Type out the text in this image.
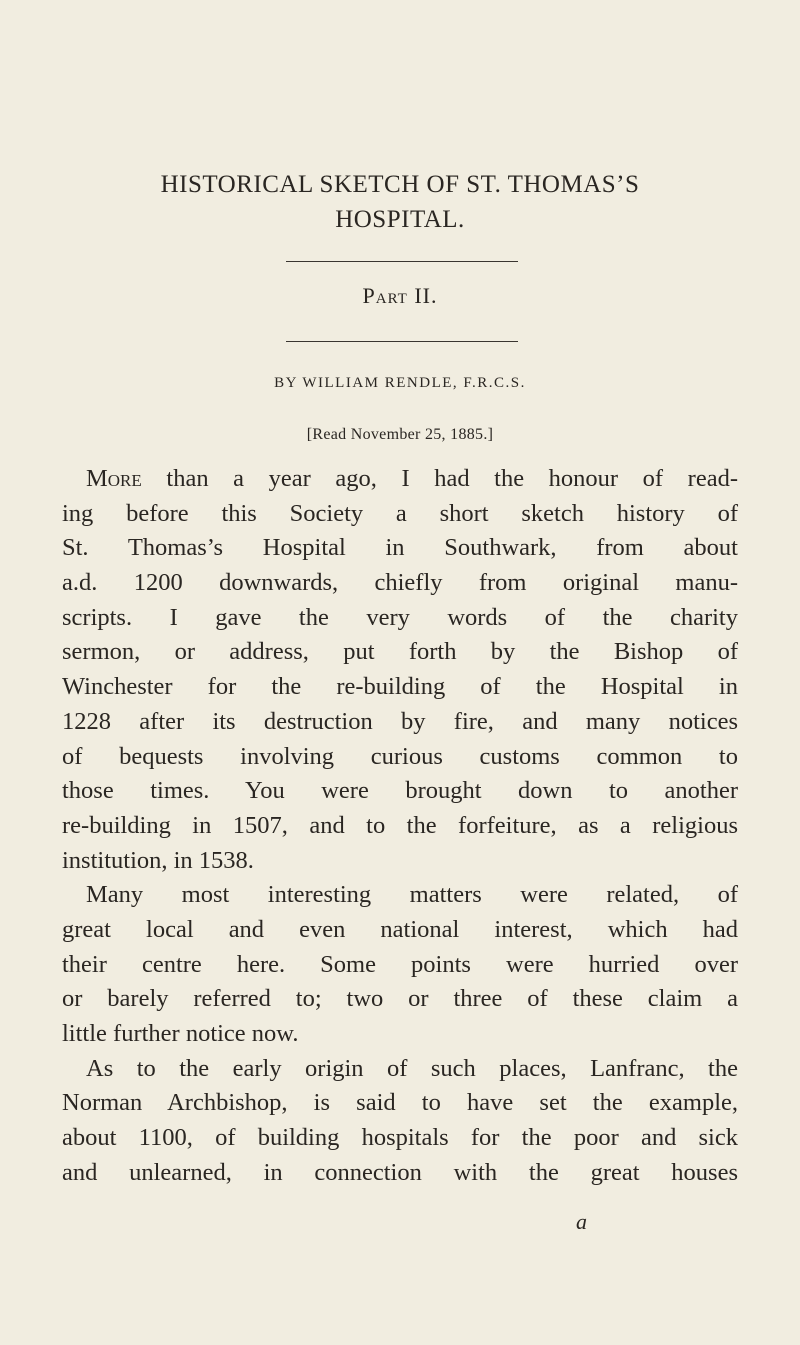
HISTORICAL SKETCH OF ST. THOMAS’S
HOSPITAL.
Part II.
BY WILLIAM RENDLE, F.R.C.S.
[Read November 25, 1885.]
More than a year ago, I had the honour of read-
ing before this Society a short sketch history of
St. Thomas’s Hospital in Southwark, from about
a.d. 1200 downwards, chiefly from original manu-
scripts. I gave the very words of the charity
sermon, or address, put forth by the Bishop of
Winchester for the re-building of the Hospital in
1228 after its destruction by fire, and many notices
of bequests involving curious customs common to
those times. You were brought down to another
re-building in 1507, and to the forfeiture, as a religious
institution, in 1538.
Many most interesting matters were related, of
great local and even national interest, which had
their centre here. Some points were hurried over
or barely referred to; two or three of these claim a
little further notice now.
As to the early origin of such places, Lanfranc, the
Norman Archbishop, is said to have set the example,
about 1100, of building hospitals for the poor and sick
and unlearned, in connection with the great houses
a
